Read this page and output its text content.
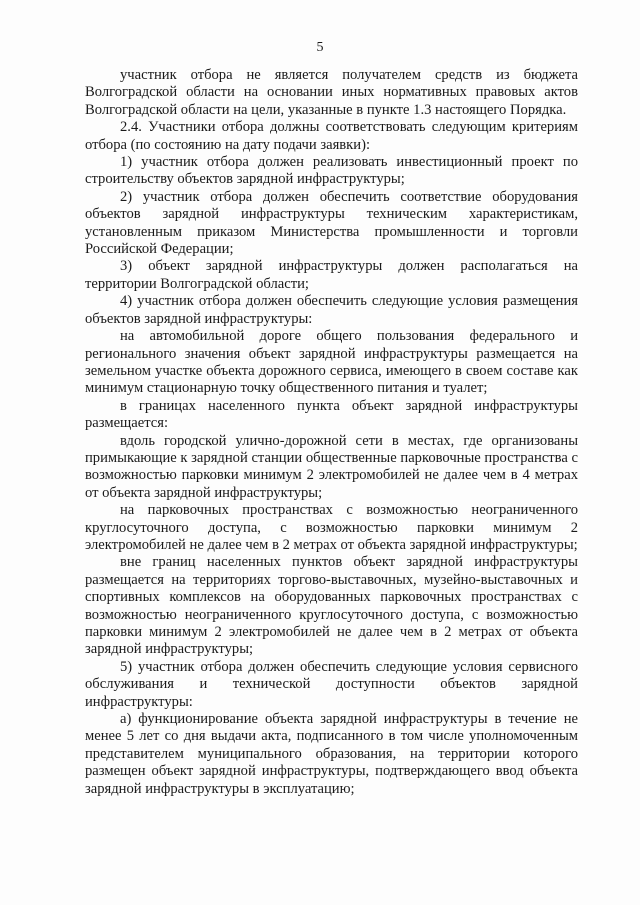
5

участник отбора не является получателем средств из бюджета Волгоградской области на основании иных нормативных правовых актов Волгоградской области на цели, указанные в пункте 1.3 настоящего Порядка.

2.4. Участники отбора должны соответствовать следующим критериям отбора (по состоянию на дату подачи заявки):

1) участник отбора должен реализовать инвестиционный проект по строительству объектов зарядной инфраструктуры;

2) участник отбора должен обеспечить соответствие оборудования объектов зарядной инфраструктуры техническим характеристикам, установленным приказом Министерства промышленности и торговли Российской Федерации;

3) объект зарядной инфраструктуры должен располагаться на территории Волгоградской области;

4) участник отбора должен обеспечить следующие условия размещения объектов зарядной инфраструктуры:

на автомобильной дороге общего пользования федерального и регионального значения объект зарядной инфраструктуры размещается на земельном участке объекта дорожного сервиса, имеющего в своем составе как минимум стационарную точку общественного питания и туалет;

в границах населенного пункта объект зарядной инфраструктуры размещается:

вдоль городской улично-дорожной сети в местах, где организованы примыкающие к зарядной станции общественные парковочные пространства с возможностью парковки минимум 2 электромобилей не далее чем в 4 метрах от объекта зарядной инфраструктуры;

на парковочных пространствах с возможностью неограниченного круглосуточного доступа, с возможностью парковки минимум 2 электромобилей не далее чем в 2 метрах от объекта зарядной инфраструктуры;

вне границ населенных пунктов объект зарядной инфраструктуры размещается на территориях торгово-выставочных, музейно-выставочных и спортивных комплексов на оборудованных парковочных пространствах с возможностью неограниченного круглосуточного доступа, с возможностью парковки минимум 2 электромобилей не далее чем в 2 метрах от объекта зарядной инфраструктуры;

5) участник отбора должен обеспечить следующие условия сервисного обслуживания и технической доступности объектов зарядной инфраструктуры:

а) функционирование объекта зарядной инфраструктуры в течение не менее 5 лет со дня выдачи акта, подписанного в том числе уполномоченным представителем муниципального образования, на территории которого размещен объект зарядной инфраструктуры, подтверждающего ввод объекта зарядной инфраструктуры в эксплуатацию;
